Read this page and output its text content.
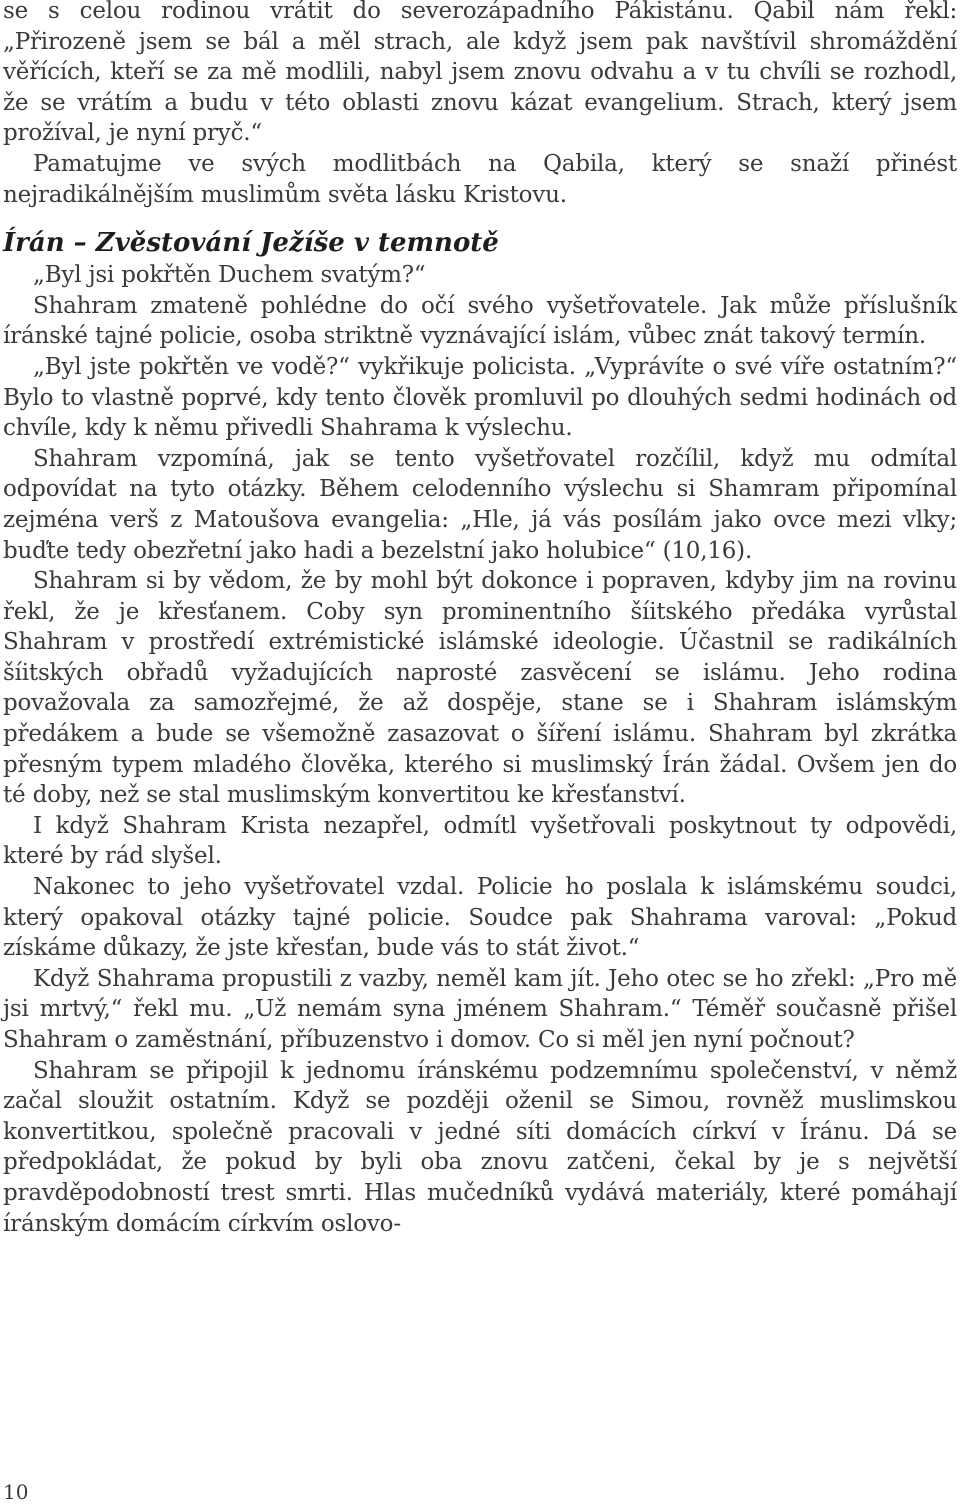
se s celou rodinou vrátit do severozápadního Pákistánu. Qabil nám řekl: „Přirozeně jsem se bál a měl strach, ale když jsem pak navštívil shromáždění věřících, kteří se za mě modlili, nabyl jsem znovu odvahu a v tu chvíli se rozhodl, že se vrátím a budu v této oblasti znovu kázat evangelium. Strach, který jsem prožíval, je nyní pryč.“

Pamatujme ve svých modlitbách na Qabila, který se snaží přinést nejradikálnějším muslimům světa lásku Kristovu.

Írán – Zvěstování Ježíše v temnotě

„Byl jsi pokřtěn Duchem svatým?“

Shahram zmateně pohlédne do očí svého vyšetřovatele. Jak může příslušník íránské tajné policie, osoba striktně vyznávající islám, vůbec znát takový termín.

„Byl jste pokřtěn ve vodě?“ vykřikuje policista. „Vyprávíte o své víře ostatním?“ Bylo to vlastně poprvé, kdy tento člověk promluvil po dlouhých sedmi hodinách od chvíle, kdy k němu přivedli Shahrama k výslechu.

Shahram vzpomíná, jak se tento vyšetřovatel rozčílil, když mu odmítal odpovídat na tyto otázky. Během celodenního výslechu si Shamram připomínal zejména verš z Matoušova evangelia: „Hle, já vás posílám jako ovce mezi vlky; buďte tedy obezřetní jako hadi a bezelstní jako holubice“ (10,16).

Shahram si by vědom, že by mohl být dokonce i popraven, kdyby jim na rovinu řekl, že je křesťanem. Coby syn prominentního šíitského předáka vyrůstal Shahram v prostředí extrémistické islámské ideologie. Účastnil se radikálních šíitských obřadů vyžadujících naprosté zasvěcení se islámu. Jeho rodina považovala za samozřejmé, že až dospěje, stane se i Shahram islámským předákem a bude se všemožně zasazovat o šíření islámu. Shahram byl zkrátka přesným typem mladého člověka, kterého si muslimský Írán žádal. Ovšem jen do té doby, než se stal muslimským konvertitou ke křesťanství.

I když Shahram Krista nezapřel, odmítl vyšetřovali poskytnout ty odpovědi, které by rád slyšel.

Nakonec to jeho vyšetřovatel vzdal. Policie ho poslala k islámskému soudci, který opakoval otázky tajné policie. Soudce pak Shahrama varoval: „Pokud získáme důkazy, že jste křesťan, bude vás to stát život.“

Když Shahrama propustili z vazby, neměl kam jít. Jeho otec se ho zřekl: „Pro mě jsi mrtvý,“ řekl mu. „Už nemám syna jménem Shahram.“ Téměř současně přišel Shahram o zaměstnání, příbuzenstvo i domov. Co si měl jen nyní počnout?

Shahram se připojil k jednomu íránskému podzemnímu společenství, v němž začal sloužit ostatním. Když se později oženil se Simou, rovněž muslimskou konvertitkou, společně pracovali v jedné síti domácích církví v Íránu. Dá se předpokládat, že pokud by byli oba znovu zatčeni, čekal by je s největší pravděpodobností trest smrti. Hlas mučedníků vydává materiály, které pomáhají íránským domácím církvím oslovo-

10
